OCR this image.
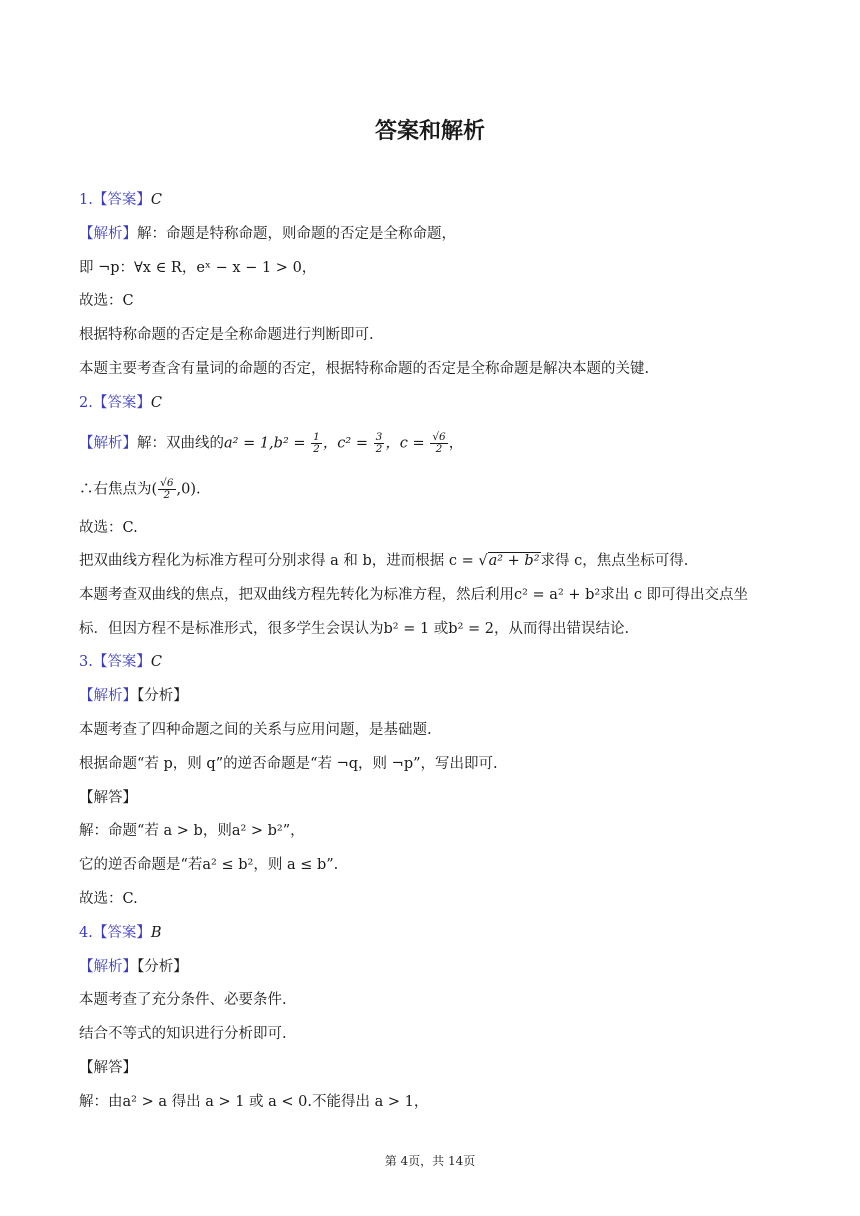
答案和解析
1.【答案】C
【解析】解：命题是特称命题，则命题的否定是全称命题，
即 ¬p：∀x ∈ R，eˣ − x − 1 > 0，
故选：C
根据特称命题的否定是全称命题进行判断即可.
本题主要考查含有量词的命题的否定，根据特称命题的否定是全称命题是解决本题的关键.
2.【答案】C
【解析】解：双曲线的$a^2 = 1,b^2 = \frac{1}{2}$ ，$c^2 = \frac{3}{2}$ ，$c = \frac{√6}{2}$ ，
∴右焦点为( $\frac{√6}{2} ,0$).
故选：C.
把双曲线方程化为标准方程可分别求得 a 和 b，进而根据 c = √a² + b²求得 c，焦点坐标可得.
本题考查双曲线的焦点，把双曲线方程先转化为标准方程，然后利用c² = a² + b²求出 c 即可得出交点坐
标．但因方程不是标准形式，很多学生会误认为b² = 1 或b² = 2，从而得出错误结论.
3.【答案】C
【解析】【分析】
本题考查了四种命题之间的关系与应用问题，是基础题.
根据命题“若 p，则 q”的逆否命题是“若 ¬q，则 ¬p”，写出即可.
【解答】
解：命题“若 a > b，则a² > b²”，
它的逆否命题是“若a² ≤ b²，则 a ≤ b”.
故选：C.
4.【答案】B
【解析】【分析】
本题考查了充分条件、必要条件.
结合不等式的知识进行分析即可.
【解答】
解：由a² > a 得出 a > 1 或 a < 0.不能得出 a > 1，
第 4页，共 14页
